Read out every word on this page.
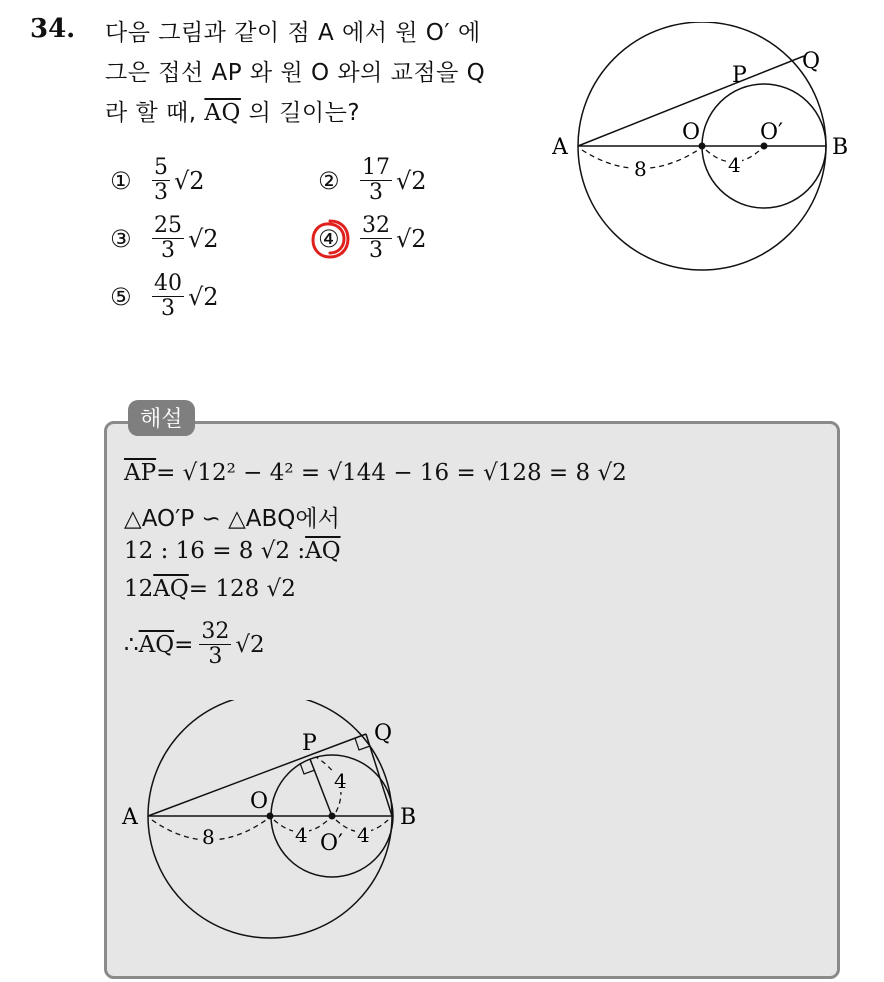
34. 다음 그림과 같이 점 A 에서 원 O′ 에
그은 접선 AP 와 원 O 와의 교점을 Q
라 할 때, $\overline{AQ}$ 의 길이는?
① $\frac{5}{3} √2$	② $\frac{17}{3} √2$
③ $\frac{25}{3} √2$	④ $\frac{32}{3} √2$
⑤ $\frac{40}{3} √2$
A	B
O	O′
P
Q
8	4
해설
$\overline{AP} = √12^2 - 4^2 = √144 - 16 = √128 = 8$ √2
△AO′P ∽ △ABQ에서
12 : 16 = 8 √2 : $\overline{AQ}$
12 $\overline{AQ} = 128$ √2
∴ $\overline{AQ} = \frac{32}{3} √2$
A	B
O
O′
P	Q
8	4 4
4
